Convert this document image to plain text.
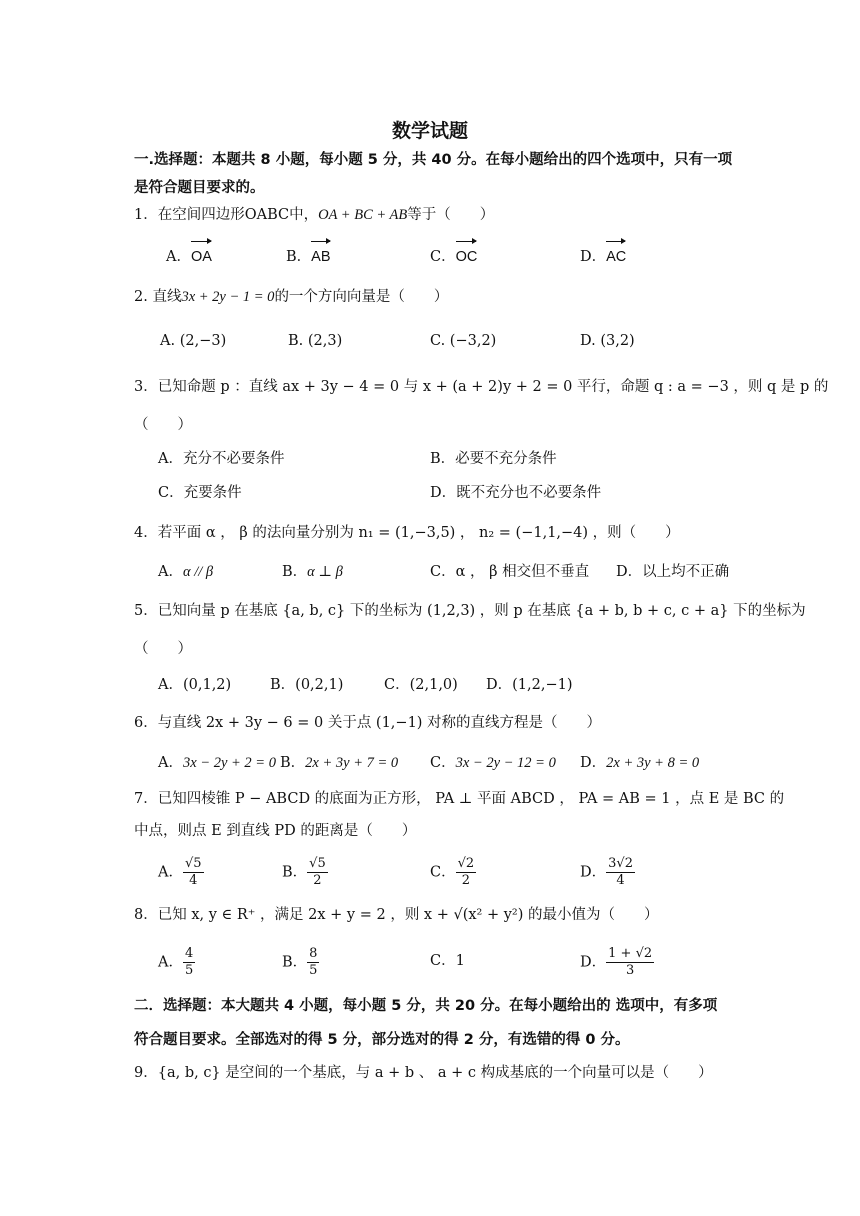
数学试题
一.选择题：本题共 8 小题，每小题 5 分，共 40 分。在每小题给出的四个选项中，只有一项
是符合题目要求的。
1．在空间四边形OABC中，OA + BC + AB等于（　　）
A．OA	B．AB	C．OC	D．AC
2. 直线3x + 2y − 1 = 0的一个方向向量是（　　）
A. (2,−3)	B. (2,3)	C. (−3,2)	D. (3,2)
3．已知命题 p ：直线 ax + 3y − 4 = 0 与 x + (a + 2)y + 2 = 0 平行，命题 q : a = −3 ，则 q 是 p 的
（　　）
A．充分不必要条件	B．必要不充分条件
C．充要条件	D．既不充分也不必要条件
4．若平面 α ， β 的法向量分别为 n₁ = (1,−3,5) ， n₂ = (−1,1,−4) ，则（　　）
A．α // β	B．α ⊥ β	C．α ， β 相交但不垂直 D．以上均不正确
5．已知向量 p 在基底 {a, b, c} 下的坐标为 (1,2,3) ，则 p 在基底 {a + b, b + c, c + a} 下的坐标为
（　　）
A．(0,1,2)	B．(0,2,1)	C．(2,1,0) D．(1,2,−1)
6．与直线 2x + 3y − 6 = 0 关于点 (1,−1) 对称的直线方程是（　　）
A．3x − 2y + 2 = 0 B．2x + 3y + 7 = 0 C．3x − 2y − 12 = 0 D．2x + 3y + 8 = 0
7．已知四棱锥 P − ABCD 的底面为正方形， PA ⊥ 平面 ABCD ， PA = AB = 1 ，点 E 是 BC 的
中点，则点 E 到直线 PD 的距离是（　　）
A． $\frac{√5}{4}$	B． $\frac{√5}{2}$	C． $\frac{√2}{2}$	D． $\frac{3√2}{4}$
8．已知 x, y ∈ R⁺ ，满足 2x + y = 2 ，则 x + √(x² + y²) 的最小值为（　　）
A． $\frac{4}{5}$	B． $\frac{8}{5}$	C．1	D． $\frac{1 + √2}{3}$
二．选择题：本大题共 4 小题，每小题 5 分，共 20 分。在每小题给出的 选项中，有多项
符合题目要求。全部选对的得 5 分，部分选对的得 2 分，有选错的得 0 分。
9．{a, b, c} 是空间的一个基底，与 a + b 、 a + c 构成基底的一个向量可以是（　　）
